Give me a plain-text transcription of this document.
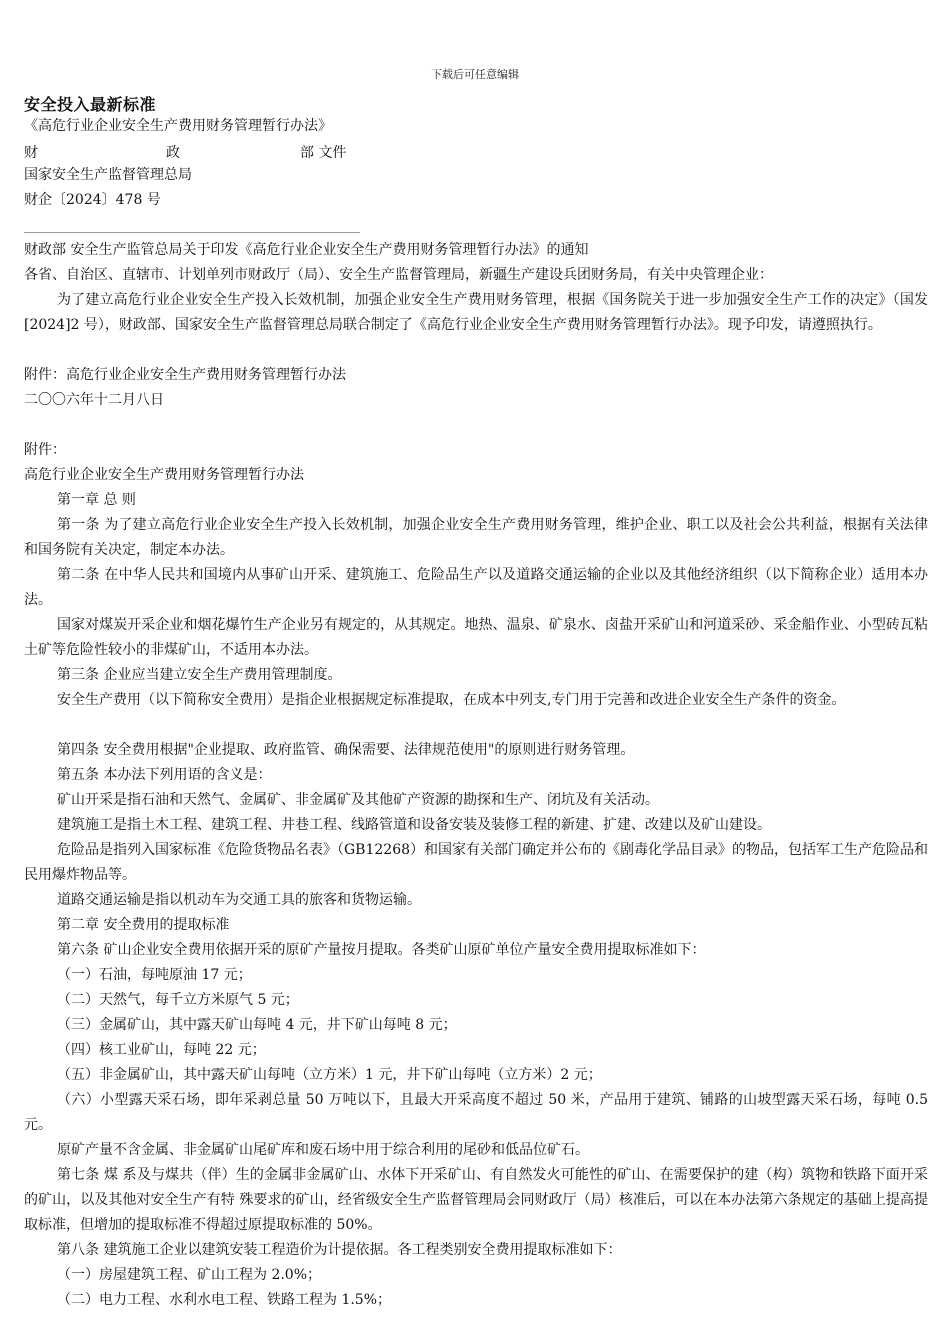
下载后可任意编辑
安全投入最新标准
《高危行业企业安全生产费用财务管理暂行办法》
财	政	部 文件
国家安全生产监督管理总局
财企〔2024〕478 号
财政部 安全生产监管总局关于印发《高危行业企业安全生产费用财务管理暂行办法》的通知
各省、自治区、直辖市、计划单列市财政厅（局）、安全生产监督管理局，新疆生产建设兵团财务局，有关中央管理企业：
为了建立高危行业企业安全生产投入长效机制，加强企业安全生产费用财务管理，根据《国务院关于进一步加强安全生产工作的决定》（国发[2024]2 号），财政部、国家安全生产监督管理总局联合制定了《高危行业企业安全生产费用财务管理暂行办法》。现予印发，请遵照执行。
附件：高危行业企业安全生产费用财务管理暂行办法
二〇〇六年十二月八日
附件：
高危行业企业安全生产费用财务管理暂行办法
第一章 总 则
第一条 为了建立高危行业企业安全生产投入长效机制，加强企业安全生产费用财务管理，维护企业、职工以及社会公共利益，根据有关法律和国务院有关决定，制定本办法。
第二条 在中华人民共和国境内从事矿山开采、建筑施工、危险品生产以及道路交通运输的企业以及其他经济组织（以下简称企业）适用本办法。
国家对煤炭开采企业和烟花爆竹生产企业另有规定的，从其规定。地热、温泉、矿泉水、卤盐开采矿山和河道采砂、采金船作业、小型砖瓦粘土矿等危险性较小的非煤矿山，不适用本办法。
第三条 企业应当建立安全生产费用管理制度。
安全生产费用（以下简称安全费用）是指企业根据规定标准提取，在成本中列支,专门用于完善和改进企业安全生产条件的资金。
第四条 安全费用根据"企业提取、政府监管、确保需要、法律规范使用"的原则进行财务管理。
第五条 本办法下列用语的含义是：
矿山开采是指石油和天然气、金属矿、非金属矿及其他矿产资源的勘探和生产、闭坑及有关活动。
建筑施工是指土木工程、建筑工程、井巷工程、线路管道和设备安装及装修工程的新建、扩建、改建以及矿山建设。
危险品是指列入国家标准《危险货物品名表》（GB12268）和国家有关部门确定并公布的《剧毒化学品目录》的物品，包括军工生产危险品和民用爆炸物品等。
道路交通运输是指以机动车为交通工具的旅客和货物运输。
第二章 安全费用的提取标准
第六条 矿山企业安全费用依据开采的原矿产量按月提取。各类矿山原矿单位产量安全费用提取标准如下：
（一）石油，每吨原油 17 元；
（二）天然气，每千立方米原气 5 元；
（三）金属矿山，其中露天矿山每吨 4 元，井下矿山每吨 8 元；
（四）核工业矿山，每吨 22 元；
（五）非金属矿山，其中露天矿山每吨（立方米）1 元，井下矿山每吨（立方米）2 元；
（六）小型露天采石场，即年采剥总量 50 万吨以下，且最大开采高度不超过 50 米，产品用于建筑、铺路的山坡型露天采石场，每吨 0.5 元。
原矿产量不含金属、非金属矿山尾矿库和废石场中用于综合利用的尾砂和低品位矿石。
第七条 煤 系及与煤共（伴）生的金属非金属矿山、水体下开采矿山、有自然发火可能性的矿山、在需要保护的建（构）筑物和铁路下面开采的矿山，以及其他对安全生产有特 殊要求的矿山，经省级安全生产监督管理局会同财政厅（局）核准后，可以在本办法第六条规定的基础上提高提取标准，但增加的提取标准不得超过原提取标准的 50%。
第八条 建筑施工企业以建筑安装工程造价为计提依据。各工程类别安全费用提取标准如下：
（一）房屋建筑工程、矿山工程为 2.0%；
（二）电力工程、水利水电工程、铁路工程为 1.5%；
